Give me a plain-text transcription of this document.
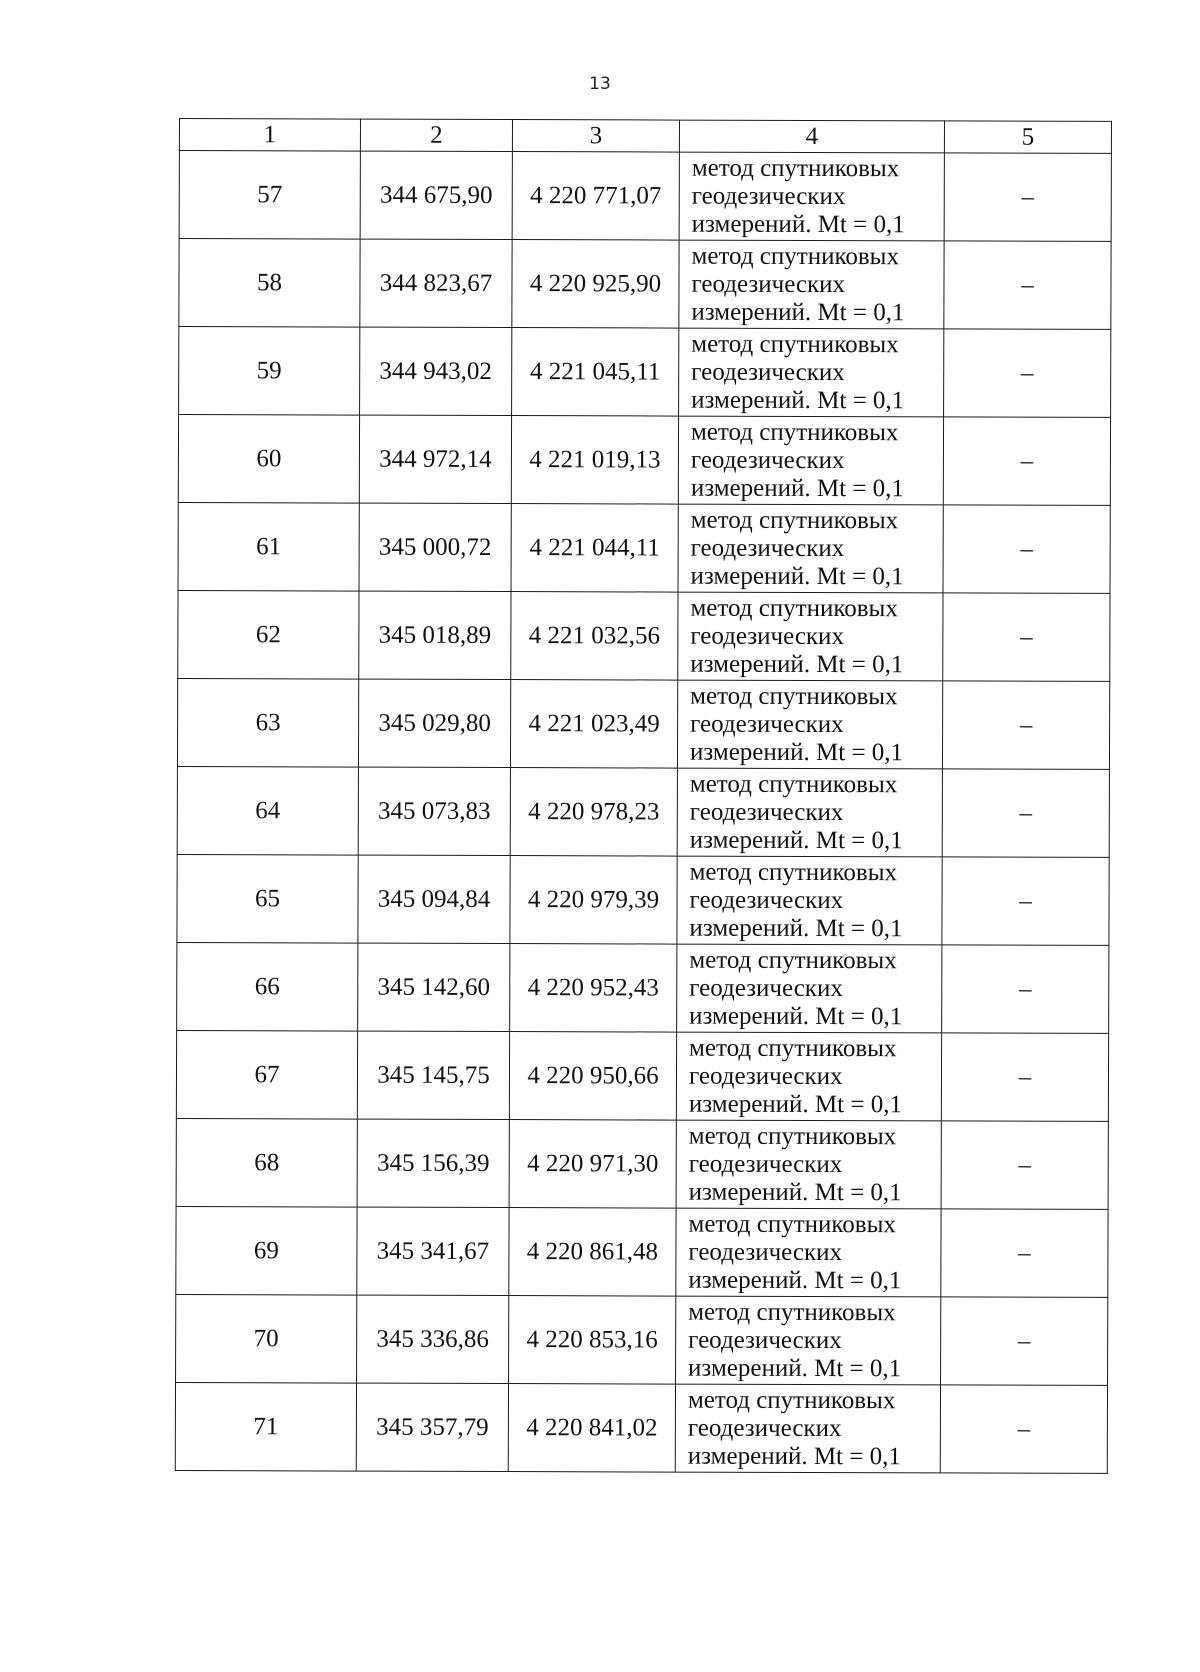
13
1	2	3	4	5
57	344 675,90	4 220 771,07	метод спутниковых
геодезических
измерений. Mt = 0,1	–
58	344 823,67	4 220 925,90	метод спутниковых
геодезических
измерений. Mt = 0,1	–
59	344 943,02	4 221 045,11	метод спутниковых
геодезических
измерений. Mt = 0,1	–
60	344 972,14	4 221 019,13	метод спутниковых
геодезических
измерений. Mt = 0,1	–
61	345 000,72	4 221 044,11	метод спутниковых
геодезических
измерений. Mt = 0,1	–
62	345 018,89	4 221 032,56	метод спутниковых
геодезических
измерений. Mt = 0,1	–
63	345 029,80	4 221 023,49	метод спутниковых
геодезических
измерений. Mt = 0,1	–
64	345 073,83	4 220 978,23	метод спутниковых
геодезических
измерений. Mt = 0,1	–
65	345 094,84	4 220 979,39	метод спутниковых
геодезических
измерений. Mt = 0,1	–
66	345 142,60	4 220 952,43	метод спутниковых
геодезических
измерений. Mt = 0,1	–
67	345 145,75	4 220 950,66	метод спутниковых
геодезических
измерений. Mt = 0,1	–
68	345 156,39	4 220 971,30	метод спутниковых
геодезических
измерений. Mt = 0,1	–
69	345 341,67	4 220 861,48	метод спутниковых
геодезических
измерений. Mt = 0,1	–
70	345 336,86	4 220 853,16	метод спутниковых
геодезических
измерений. Mt = 0,1	–
71	345 357,79	4 220 841,02	метод спутниковых
геодезических
измерений. Mt = 0,1	–
